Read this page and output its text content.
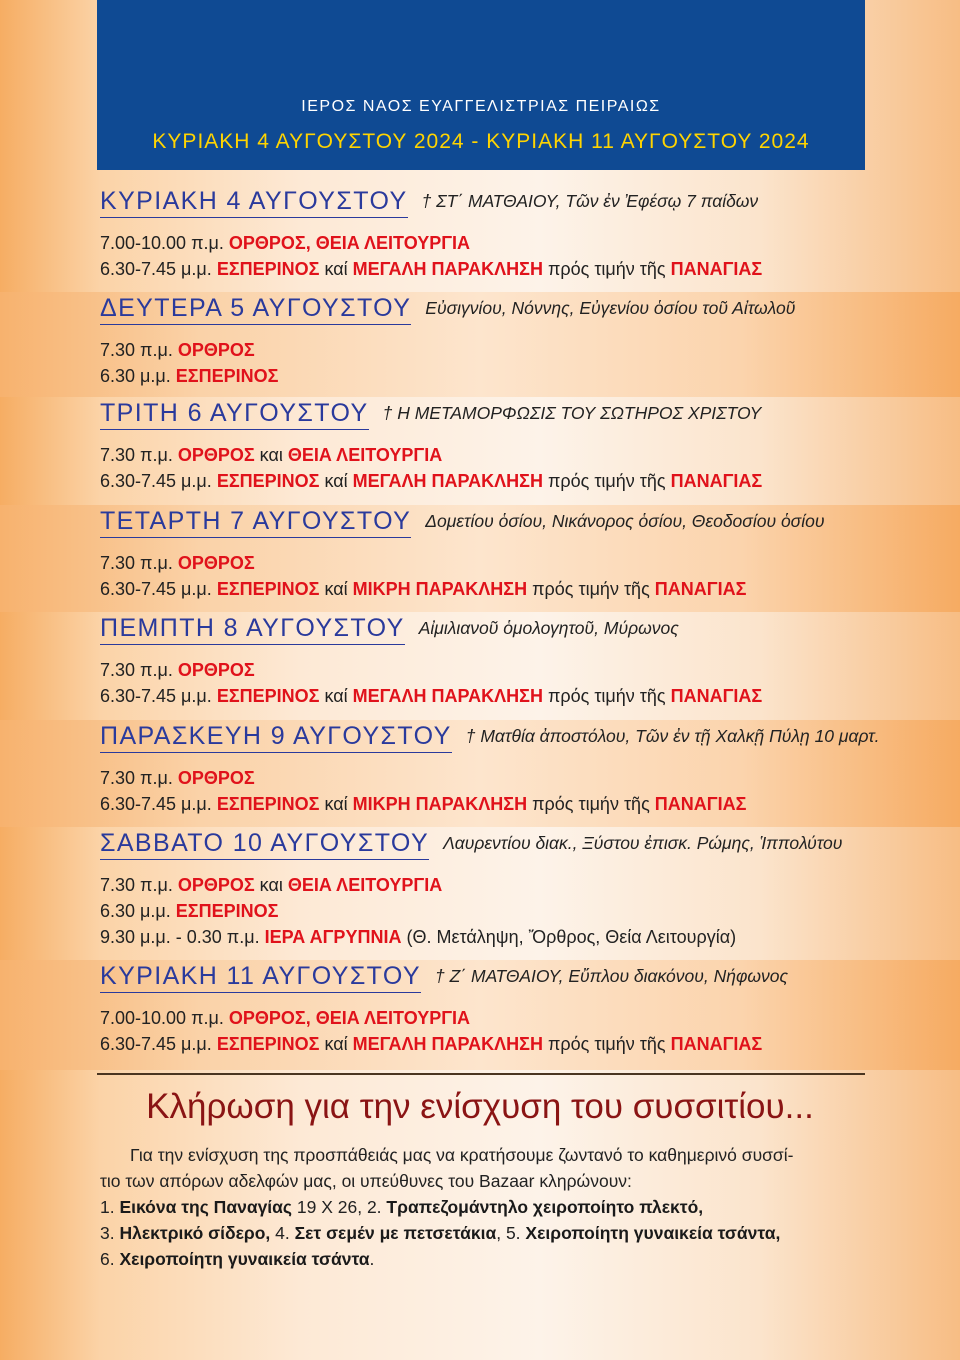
ΙΕΡΟΣ ΝΑΟΣ ΕΥΑΓΓΕΛΙΣΤΡΙΑΣ ΠΕΙΡΑΙΩΣ
ΚΥΡΙΑΚΗ 4 ΑΥΓΟΥΣΤΟΥ 2024 - ΚΥΡΙΑΚΗ 11 ΑΥΓΟΥΣΤΟΥ 2024
ΚΥΡΙΑΚΗ 4 ΑΥΓΟΥΣΤΟΥ † ΣΤ΄ ΜΑΤΘΑΙΟΥ, Τῶν ἐν Ἐφέσῳ 7 παίδων
7.00-10.00 π.μ. ΟΡΘΡΟΣ, ΘΕΙΑ ΛΕΙΤΟΥΡΓΙΑ
6.30-7.45 μ.μ. ΕΣΠΕΡΙΝΟΣ καί ΜΕΓΑΛΗ ΠΑΡΑΚΛΗΣΗ πρός τιμήν τῆς ΠΑΝΑΓΙΑΣ
ΔΕΥΤΕΡΑ 5 ΑΥΓΟΥΣΤΟΥ Εὐσιγνίου, Νόννης, Εὐγενίου ὁσίου τοῦ Αἰτωλοῦ
7.30 π.μ. ΟΡΘΡΟΣ
6.30 μ.μ. ΕΣΠΕΡΙΝΟΣ
ΤΡΙΤΗ 6 ΑΥΓΟΥΣΤΟΥ † Η ΜΕΤΑΜΟΡΦΩΣΙΣ ΤΟΥ ΣΩΤΗΡΟΣ ΧΡΙΣΤΟΥ
7.30 π.μ. ΟΡΘΡΟΣ και ΘΕΙΑ ΛΕΙΤΟΥΡΓΙΑ
6.30-7.45 μ.μ. ΕΣΠΕΡΙΝΟΣ καί ΜΕΓΑΛΗ ΠΑΡΑΚΛΗΣΗ πρός τιμήν τῆς ΠΑΝΑΓΙΑΣ
ΤΕΤΑΡΤΗ 7 ΑΥΓΟΥΣΤΟΥ Δομετίου ὁσίου, Νικάνορος ὁσίου, Θεοδοσίου ὁσίου
7.30 π.μ. ΟΡΘΡΟΣ
6.30-7.45 μ.μ. ΕΣΠΕΡΙΝΟΣ καί ΜΙΚΡΗ ΠΑΡΑΚΛΗΣΗ πρός τιμήν τῆς ΠΑΝΑΓΙΑΣ
ΠΕΜΠΤΗ 8 ΑΥΓΟΥΣΤΟΥ Αἰμιλιανοῦ ὁμολογητοῦ, Μύρωνος
7.30 π.μ. ΟΡΘΡΟΣ
6.30-7.45 μ.μ. ΕΣΠΕΡΙΝΟΣ καί ΜΕΓΑΛΗ ΠΑΡΑΚΛΗΣΗ πρός τιμήν τῆς ΠΑΝΑΓΙΑΣ
ΠΑΡΑΣΚΕΥΗ 9 ΑΥΓΟΥΣΤΟΥ † Ματθία ἀποστόλου, Τῶν ἐν τῇ Χαλκῇ Πύλῃ 10 μαρτ.
7.30 π.μ. ΟΡΘΡΟΣ
6.30-7.45 μ.μ. ΕΣΠΕΡΙΝΟΣ καί ΜΙΚΡΗ ΠΑΡΑΚΛΗΣΗ πρός τιμήν τῆς ΠΑΝΑΓΙΑΣ
ΣΑΒΒΑΤΟ 10 ΑΥΓΟΥΣΤΟΥ Λαυρεντίου διακ., Ξύστου ἐπισκ. Ρώμης, Ἱππολύτου
7.30 π.μ. ΟΡΘΡΟΣ και ΘΕΙΑ ΛΕΙΤΟΥΡΓΙΑ
6.30 μ.μ. ΕΣΠΕΡΙΝΟΣ
9.30 μ.μ. - 0.30 π.μ. ΙΕΡΑ ΑΓΡΥΠΝΙΑ (Θ. Μετάληψη, Ὄρθρος, Θεία Λειτουργία)
ΚΥΡΙΑΚΗ 11 ΑΥΓΟΥΣΤΟΥ † Ζ΄ ΜΑΤΘΑΙΟΥ, Εὔπλου διακόνου, Νήφωνος
7.00-10.00 π.μ. ΟΡΘΡΟΣ, ΘΕΙΑ ΛΕΙΤΟΥΡΓΙΑ
6.30-7.45 μ.μ. ΕΣΠΕΡΙΝΟΣ καί ΜΕΓΑΛΗ ΠΑΡΑΚΛΗΣΗ πρός τιμήν τῆς ΠΑΝΑΓΙΑΣ
Κλήρωση για την ενίσχυση του συσσιτίου...
Για την ενίσχυση της προσπάθειάς μας να κρατήσουμε ζωντανό το καθημερινό συσσί-
τιο των απόρων αδελφών μας, οι υπεύθυνες του Bazaar κληρώνουν:
1. Εικόνα της Παναγίας 19 Χ 26, 2. Τραπεζομάντηλο χειροποίητο πλεκτό,
3. Ηλεκτρικό σίδερο, 4. Σετ σεμέν με πετσετάκια, 5. Χειροποίητη γυναικεία τσάντα,
6. Χειροποίητη γυναικεία τσάντα.
